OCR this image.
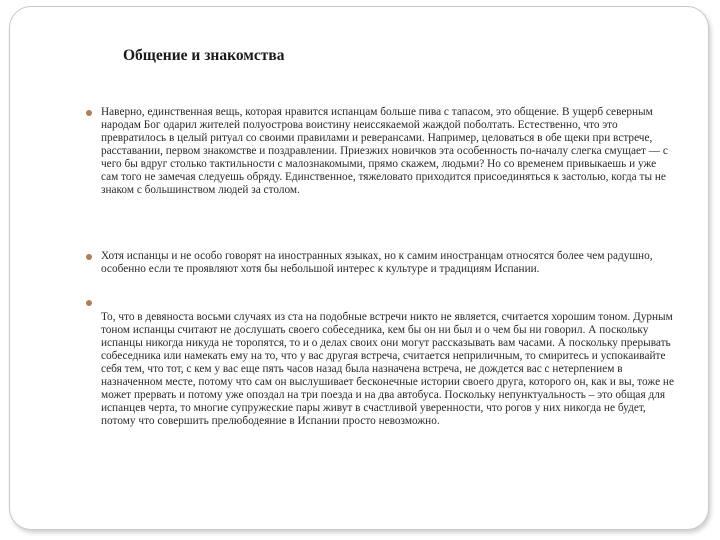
Общение и знакомства

Наверно, единственная вещь, которая нравится испанцам больше пива с тапасом, это общение. В ущерб северным народам Бог одарил жителей полуострова воистину неиссякаемой жаждой поболтать. Естественно, что это превратилось в целый ритуал со своими правилами и реверансами. Например, целоваться в обе щеки при встрече, расставании, первом знакомстве и поздравлении. Приезжих новичков эта особенность по-началу слегка смущает — с чего бы вдруг столько тактильности с малознакомыми, прямо скажем, людьми? Но со временем привыкаешь и уже сам того не замечая следуешь обряду. Единственное, тяжеловато приходится присоединяться к застолью, когда ты не знаком с большинством людей за столом.

Хотя испанцы и не особо говорят на иностранных языках, но к самим иностранцам относятся более чем радушно, особенно если те проявляют хотя бы небольшой интерес к культуре и традициям Испании.

То, что в девяноста восьми случаях из ста на подобные встречи никто не является, считается хорошим тоном. Дурным тоном испанцы считают не дослушать своего собеседника, кем бы он ни был и о чем бы ни говорил. А поскольку испанцы никогда никуда не торопятся, то и о делах своих они могут рассказывать вам часами. А поскольку прерывать собеседника или намекать ему на то, что у вас другая встреча, считается неприличным, то смиритесь и успокаивайте себя тем, что тот, с кем у вас еще пять часов назад была назначена встреча, не дождется вас с нетерпением в назначенном месте, потому что сам он выслушивает бесконечные истории своего друга, которого он, как и вы, тоже не может прервать и потому уже опоздал на три поезда и на два автобуса. Поскольку непунктуальность – это общая для испанцев черта, то многие супружеские пары живут в счастливой уверенности, что рогов у них никогда не будет, потому что совершить прелюбодеяние в Испании просто невозможно.
